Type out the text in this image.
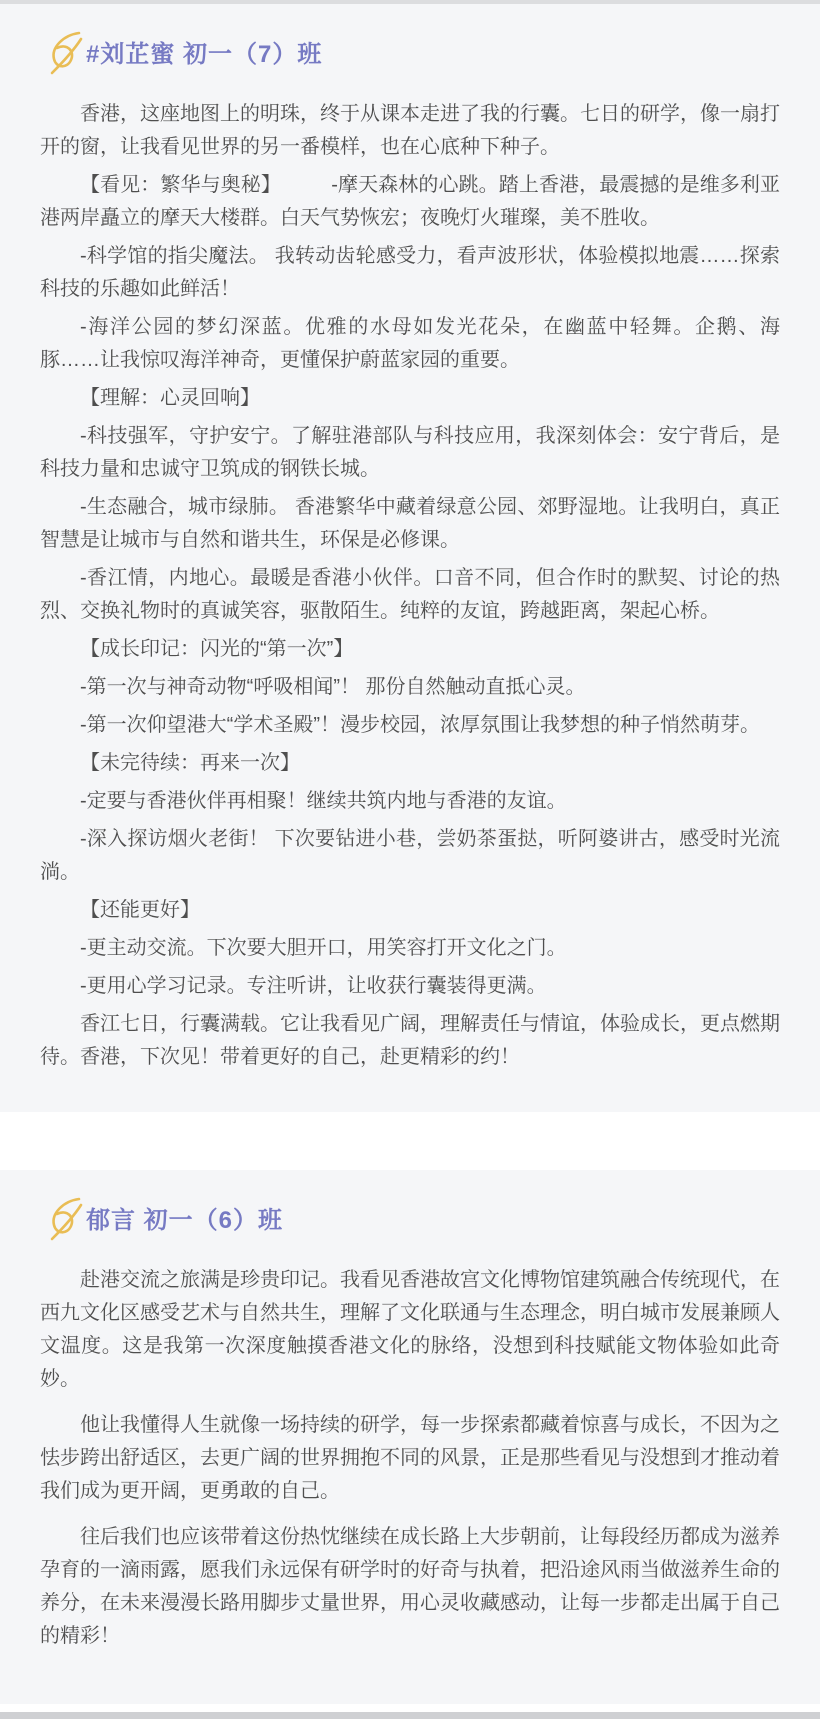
#刘芷蜜 初一（7）班

香港，这座地图上的明珠，终于从课本走进了我的行囊。七日的研学，像一扇打开的窗，让我看见世界的另一番模样，也在心底种下种子。

【看见：繁华与奥秘】　　　-摩天森林的心跳。踏上香港，最震撼的是维多利亚港两岸矗立的摩天大楼群。白天气势恢宏；夜晚灯火璀璨，美不胜收。

-科学馆的指尖魔法。 我转动齿轮感受力，看声波形状，体验模拟地震……探索科技的乐趣如此鲜活！

-海洋公园的梦幻深蓝。优雅的水母如发光花朵，在幽蓝中轻舞。企鹅、海豚……让我惊叹海洋神奇，更懂保护蔚蓝家园的重要。

【理解：心灵回响】

-科技强军，守护安宁。了解驻港部队与科技应用，我深刻体会：安宁背后，是科技力量和忠诚守卫筑成的钢铁长城。

-生态融合，城市绿肺。 香港繁华中藏着绿意公园、郊野湿地。让我明白，真正智慧是让城市与自然和谐共生，环保是必修课。

-香江情，内地心。最暖是香港小伙伴。口音不同，但合作时的默契、讨论的热烈、交换礼物时的真诚笑容，驱散陌生。纯粹的友谊，跨越距离，架起心桥。

【成长印记：闪光的“第一次”】

-第一次与神奇动物“呼吸相闻”！ 那份自然触动直抵心灵。

-第一次仰望港大“学术圣殿”！漫步校园，浓厚氛围让我梦想的种子悄然萌芽。

【未完待续：再来一次】

-定要与香港伙伴再相聚！继续共筑内地与香港的友谊。

-深入探访烟火老街！ 下次要钻进小巷，尝奶茶蛋挞，听阿婆讲古，感受时光流淌。

【还能更好】

-更主动交流。下次要大胆开口，用笑容打开文化之门。

-更用心学习记录。专注听讲，让收获行囊装得更满。

香江七日，行囊满载。它让我看见广阔，理解责任与情谊，体验成长，更点燃期待。香港，下次见！带着更好的自己，赴更精彩的约！

郁言 初一（6）班

赴港交流之旅满是珍贵印记。我看见香港故宫文化博物馆建筑融合传统现代，在西九文化区感受艺术与自然共生，理解了文化联通与生态理念，明白城市发展兼顾人文温度。这是我第一次深度触摸香港文化的脉络，没想到科技赋能文物体验如此奇妙。

他让我懂得人生就像一场持续的研学，每一步探索都藏着惊喜与成长，不因为之怯步跨出舒适区，去更广阔的世界拥抱不同的风景，正是那些看见与没想到才推动着我们成为更开阔，更勇敢的自己。

往后我们也应该带着这份热忱继续在成长路上大步朝前，让每段经历都成为滋养孕育的一滴雨露，愿我们永远保有研学时的好奇与执着，把沿途风雨当做滋养生命的养分，在未来漫漫长路用脚步丈量世界，用心灵收藏感动，让每一步都走出属于自己的精彩！
